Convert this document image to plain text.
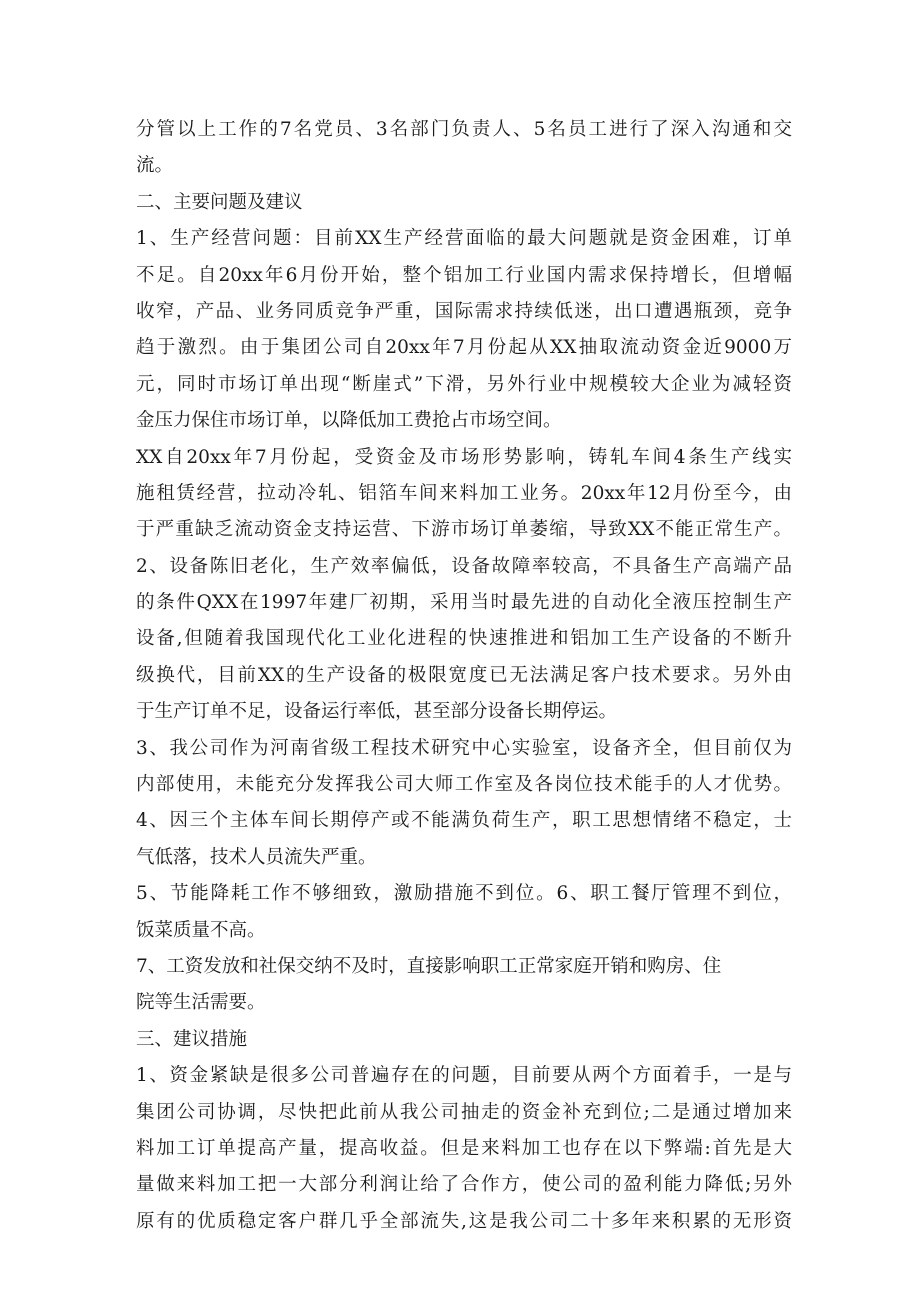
分管以上工作的7名党员、3名部门负责人、5名员工进行了深入沟通和交
流。
二、主要问题及建议
1、生产经营问题：目前XX生产经营面临的最大问题就是资金困难，订单
不足。自20xx年6月份开始，整个铝加工行业国内需求保持增长，但增幅
收窄，产品、业务同质竞争严重，国际需求持续低迷，出口遭遇瓶颈，竞争
趋于激烈。由于集团公司自20xx年7月份起从XX抽取流动资金近9000万
元，同时市场订单出现“断崖式”下滑，另外行业中规模较大企业为减轻资
金压力保住市场订单，以降低加工费抢占市场空间。
XX自20xx年7月份起，受资金及市场形势影响，铸轧车间4条生产线实
施租赁经营，拉动冷轧、铝箔车间来料加工业务。20xx年12月份至今，由
于严重缺乏流动资金支持运营、下游市场订单萎缩，导致XX不能正常生产。
2、设备陈旧老化，生产效率偏低，设备故障率较高，不具备生产高端产品
的条件QXX在1997年建厂初期，采用当时最先进的自动化全液压控制生产
设备,但随着我国现代化工业化进程的快速推进和铝加工生产设备的不断升
级换代，目前XX的生产设备的极限宽度已无法满足客户技术要求。另外由
于生产订单不足，设备运行率低，甚至部分设备长期停运。
3、我公司作为河南省级工程技术研究中心实验室，设备齐全，但目前仅为
内部使用，未能充分发挥我公司大师工作室及各岗位技术能手的人才优势。
4、因三个主体车间长期停产或不能满负荷生产，职工思想情绪不稳定，士
气低落，技术人员流失严重。
5、节能降耗工作不够细致，激励措施不到位。6、职工餐厅管理不到位，
饭菜质量不高。
7、工资发放和社保交纳不及时，直接影响职工正常家庭开销和购房、住
院等生活需要。
三、建议措施
1、资金紧缺是很多公司普遍存在的问题，目前要从两个方面着手，一是与
集团公司协调，尽快把此前从我公司抽走的资金补充到位;二是通过增加来
料加工订单提高产量，提高收益。但是来料加工也存在以下弊端:首先是大
量做来料加工把一大部分利润让给了合作方，使公司的盈利能力降低;另外
原有的优质稳定客户群几乎全部流失,这是我公司二十多年来积累的无形资
